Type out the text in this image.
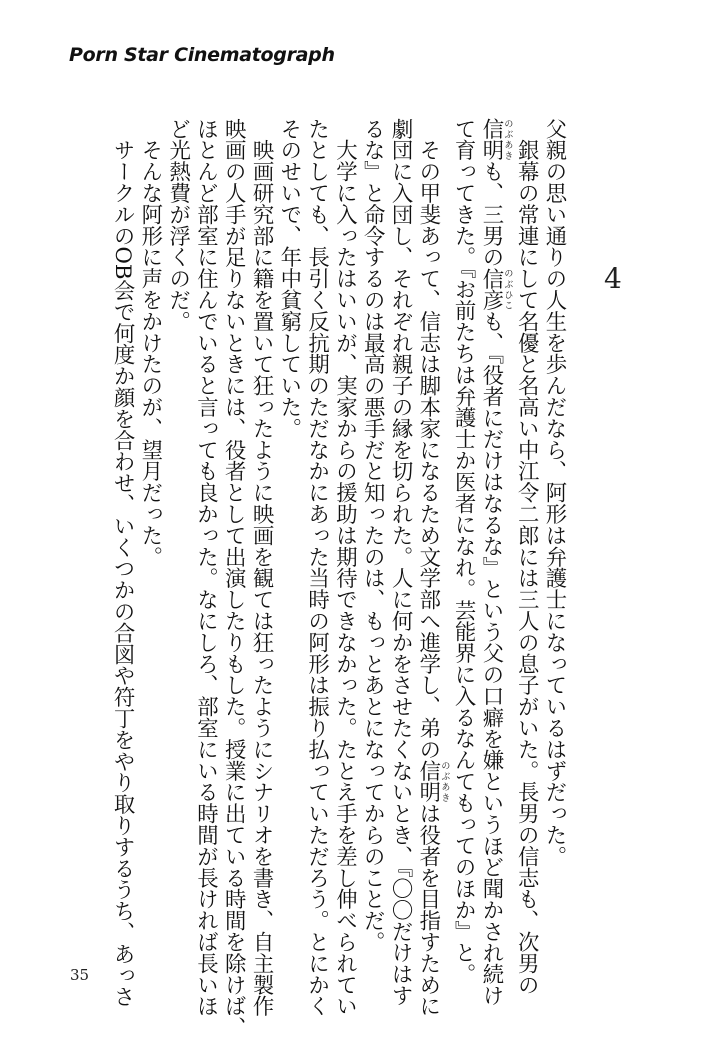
Porn Star Cinematograph
4

父親の思い通りの人生を歩んだなら、阿形は弁護士になっているはずだった。

　銀幕の常連にして名優と名高い中江令二郎には三人の息子がいた。長男の信志も、次男の

信明のぶあきも、三男の信彦のぶひこも、『役者にだけはなるな』という父の口癖を嫌というほど聞かされ続け

て育ってきた。『お前たちは弁護士か医者になれ。芸能界に入るなんてもってのほか』と。

　その甲斐あって、信志は脚本家になるため文学部へ進学し、弟の信明のぶあきは役者を目指すために

劇団に入団し、それぞれ親子の縁を切られた。人に何かをさせたくないとき、『〇〇だけはす

るな』と命令するのは最高の悪手だと知ったのは、もっとあとになってからのことだ。

　大学に入ったはいいが、実家からの援助は期待できなかった。たとえ手を差し伸べられてい

たとしても、長引く反抗期のただなかにあった当時の阿形は振り払っていただろう。とにかく

そのせいで、年中貧窮していた。

　映画研究部に籍を置いて狂ったように映画を観ては狂ったようにシナリオを書き、自主製作

映画の人手が足りないときには、役者として出演したりもした。授業に出ている時間を除けば、

ほとんど部室に住んでいると言っても良かった。なにしろ、部室にいる時間が長ければ長いほ

ど光熱費が浮くのだ。

　そんな阿形に声をかけたのが、望月だった。

　サークルのOB会で何度か顔を合わせ、いくつかの合図や符丁をやり取りするうち、あっさ

35
